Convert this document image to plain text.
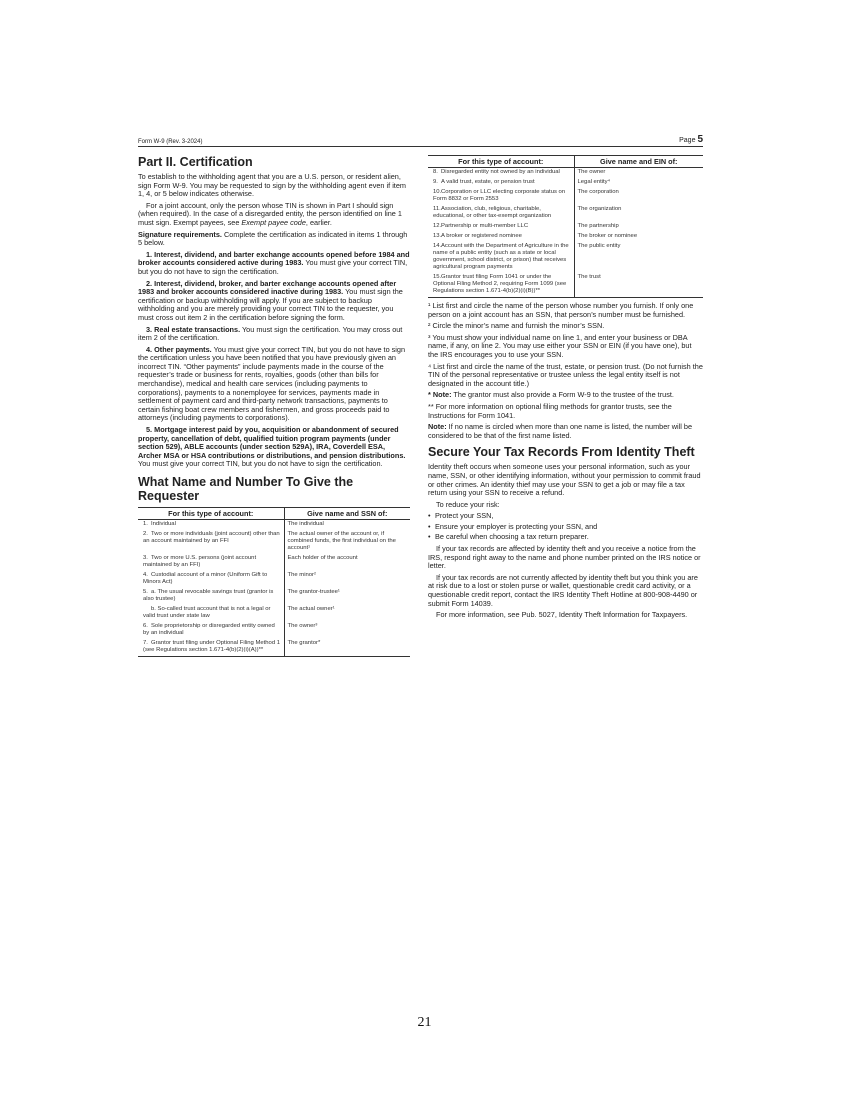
Form W-9 (Rev. 3-2024)	Page 5
Part II. Certification

To establish to the withholding agent that you are a U.S. person, or resident alien, sign Form W-9. You may be requested to sign by the withholding agent even if item 1, 4, or 5 below indicates otherwise.

For a joint account, only the person whose TIN is shown in Part I should sign (when required). In the case of a disregarded entity, the person identified on line 1 must sign. Exempt payees, see Exempt payee code, earlier.

Signature requirements. Complete the certification as indicated in items 1 through 5 below.

1. Interest, dividend, and barter exchange accounts opened before 1984 and broker accounts considered active during 1983. You must give your correct TIN, but you do not have to sign the certification.

2. Interest, dividend, broker, and barter exchange accounts opened after 1983 and broker accounts considered inactive during 1983. You must sign the certification or backup withholding will apply. If you are subject to backup withholding and you are merely providing your correct TIN to the requester, you must cross out item 2 in the certification before signing the form.

3. Real estate transactions. You must sign the certification. You may cross out item 2 of the certification.

4. Other payments. You must give your correct TIN, but you do not have to sign the certification unless you have been notified that you have previously given an incorrect TIN. “Other payments” include payments made in the course of the requester’s trade or business for rents, royalties, goods (other than bills for merchandise), medical and health care services (including payments to corporations), payments to a nonemployee for services, payments made in settlement of payment card and third-party network transactions, payments to certain fishing boat crew members and fishermen, and gross proceeds paid to attorneys (including payments to corporations).

5. Mortgage interest paid by you, acquisition or abandonment of secured property, cancellation of debt, qualified tuition program payments (under section 529), ABLE accounts (under section 529A), IRA, Coverdell ESA, Archer MSA or HSA contributions or distributions, and pension distributions. You must give your correct TIN, but you do not have to sign the certification.

What Name and Number To Give the Requester
For this type of account:	Give name and SSN of:
1. Individual	The individual
2. Two or more individuals (joint account) other than an account maintained by an FFI	The actual owner of the account or, if combined funds, the first individual on the account¹
3. Two or more U.S. persons (joint account maintained by an FFI)	Each holder of the account
4. Custodial account of a minor (Uniform Gift to Minors Act)	The minor²
5. a. The usual revocable savings trust (grantor is also trustee)	The grantor-trustee¹
b. So-called trust account that is not a legal or valid trust under state law	The actual owner¹
6. Sole proprietorship or disregarded entity owned by an individual	The owner³
7. Grantor trust filing under Optional Filing Method 1 (see Regulations section 1.671-4(b)(2)(i)(A))**	The grantor*
For this type of account:	Give name and EIN of:
8. Disregarded entity not owned by an individual	The owner
9. A valid trust, estate, or pension trust	Legal entity⁴
10.Corporation or LLC electing corporate status on Form 8832 or Form 2553	The corporation
11.Association, club, religious, charitable, educational, or other tax-exempt organization	The organization
12.Partnership or multi-member LLC	The partnership
13.A broker or registered nominee	The broker or nominee
14.Account with the Department of Agriculture in the name of a public entity (such as a state or local government, school district, or prison) that receives agricultural program payments	The public entity
15.Grantor trust filing Form 1041 or under the Optional Filing Method 2, requiring Form 1099 (see Regulations section 1.671-4(b)(2)(i)(B))**	The trust

¹ List first and circle the name of the person whose number you furnish. If only one person on a joint account has an SSN, that person’s number must be furnished.

² Circle the minor’s name and furnish the minor’s SSN.

³ You must show your individual name on line 1, and enter your business or DBA name, if any, on line 2. You may use either your SSN or EIN (if you have one), but the IRS encourages you to use your SSN.

⁴ List first and circle the name of the trust, estate, or pension trust. (Do not furnish the TIN of the personal representative or trustee unless the legal entity itself is not designated in the account title.)

* Note: The grantor must also provide a Form W-9 to the trustee of the trust.

** For more information on optional filing methods for grantor trusts, see the Instructions for Form 1041.

Note: If no name is circled when more than one name is listed, the number will be considered to be that of the first name listed.

Secure Your Tax Records From Identity Theft

Identity theft occurs when someone uses your personal information, such as your name, SSN, or other identifying information, without your permission to commit fraud or other crimes. An identity thief may use your SSN to get a job or may file a tax return using your SSN to receive a refund.

To reduce your risk:

• Protect your SSN,
• Ensure your employer is protecting your SSN, and
• Be careful when choosing a tax return preparer.

If your tax records are affected by identity theft and you receive a notice from the IRS, respond right away to the name and phone number printed on the IRS notice or letter.

If your tax records are not currently affected by identity theft but you think you are at risk due to a lost or stolen purse or wallet, questionable credit card activity, or a questionable credit report, contact the IRS Identity Theft Hotline at 800-908-4490 or submit Form 14039.

For more information, see Pub. 5027, Identity Theft Information for Taxpayers.

21
